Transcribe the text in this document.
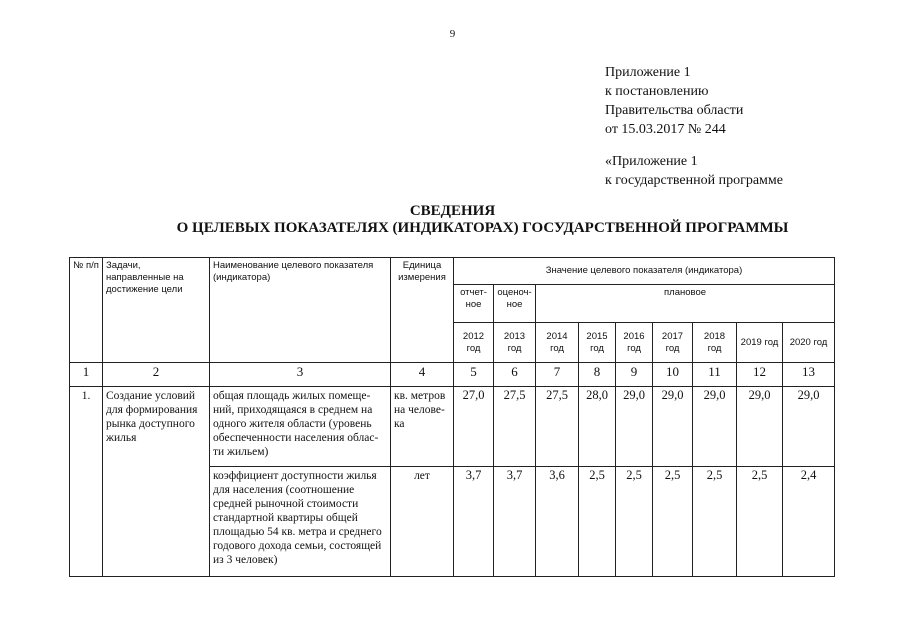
9
Приложение 1
к постановлению
Правительства области
от 15.03.2017 № 244
«Приложение 1
к государственной программе
СВЕДЕНИЯ
О ЦЕЛЕВЫХ ПОКАЗАТЕЛЯХ (ИНДИКАТОРАХ) ГОСУДАРСТВЕННОЙ ПРОГРАММЫ
№ п/п	Задачи, направленные на достижение цели	Наименование целевого показателя (индикатора)	Единица измерения	Значение целевого показателя (индикатора)								
				отчет-ное	оценоч-ное	плановое						
				2012 год	2013 год	2014 год	2015 год	2016 год	2017 год	2018 год	2019 год	2020 год
1	2	3	4	5	6	7	8	9	10	11	12	13
1.	Создание условий для формирования рынка доступного жилья	общая площадь жилых помеще-ний, приходящаяся в среднем на одного жителя области (уровень обеспеченности населения облас-ти жильем)	кв. метров на челове-ка	27,0	27,5	27,5	28,0	29,0	29,0	29,0	29,0	29,0
		коэффициент доступности жилья для населения (соотношение средней рыночной стоимости стандартной квартиры общей площадью 54 кв. метра и среднего годового дохода семьи, состоящей из 3 человек)	лет	3,7	3,7	3,6	2,5	2,5	2,5	2,5	2,5	2,4
